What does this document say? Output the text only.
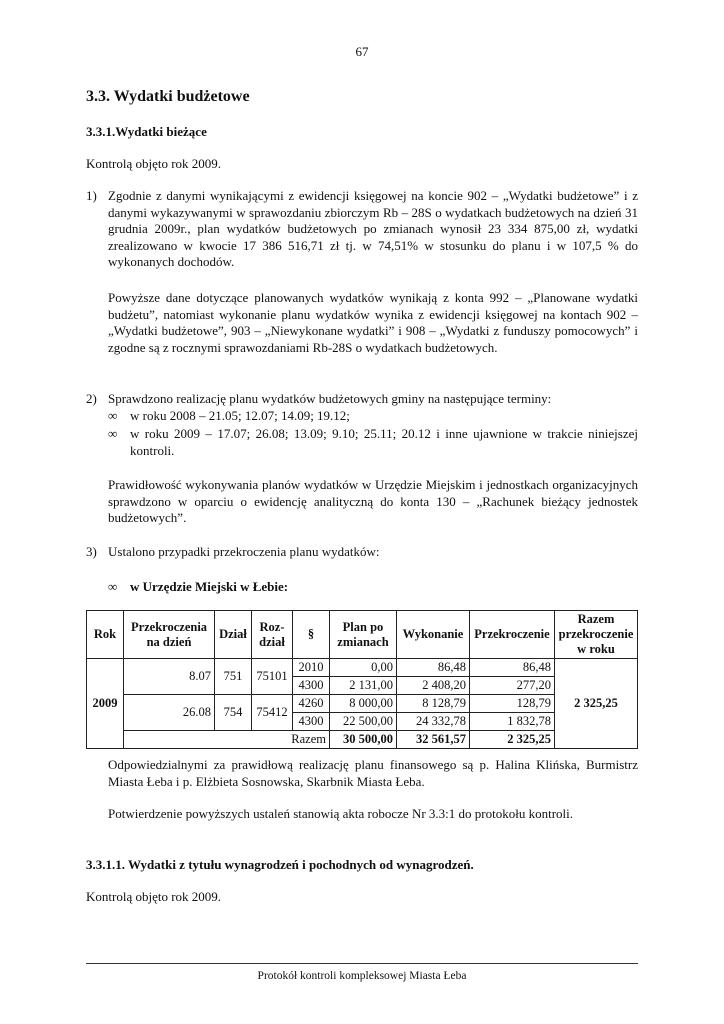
67
3.3. Wydatki budżetowe
3.3.1.Wydatki bieżące
Kontrolą objęto rok 2009.
1) Zgodnie z danymi wynikającymi z ewidencji księgowej na koncie 902 – „Wydatki budżetowe” i z danymi wykazywanymi w sprawozdaniu zbiorczym Rb – 28S o wydatkach budżetowych na dzień 31 grudnia 2009r., plan wydatków budżetowych po zmianach wynosił 23 334 875,00 zł, wydatki zrealizowano w kwocie 17 386 516,71 zł tj. w 74,51% w stosunku do planu i w 107,5 % do wykonanych dochodów.
Powyższe dane dotyczące planowanych wydatków wynikają z konta 992 – „Planowane wydatki budżetu”, natomiast wykonanie planu wydatków wynika z ewidencji księgowej na kontach 902 – „Wydatki budżetowe”, 903 – „Niewykonane wydatki” i 908 – „Wydatki z funduszy pomocowych” i zgodne są z rocznymi sprawozdaniami Rb-28S o wydatkach budżetowych.
2) Sprawdzono realizację planu wydatków budżetowych gminy na następujące terminy:
∞ w roku 2008 – 21.05; 12.07; 14.09; 19.12;
∞ w roku 2009 – 17.07; 26.08; 13.09; 9.10; 25.11; 20.12 i inne ujawnione w trakcie niniejszej kontroli.
Prawidłowość wykonywania planów wydatków w Urzędzie Miejskim i jednostkach organizacyjnych sprawdzono w oparciu o ewidencję analityczną do konta 130 – „Rachunek bieżący jednostek budżetowych”.
3) Ustalono przypadki przekroczenia planu wydatków:
∞ w Urzędzie Miejski w Łebie:
Rok	Przekroczenia na dzień	Dział	Roz-dział	§	Plan po zmianach	Wykonanie	Przekroczenie	Razem przekroczenie w roku
2009	8.07	751	75101	2010	0,00	86,48	86,48	2 325,25
				4300	2 131,00	2 408,20	277,20	
	26.08	754	75412	4260	8 000,00	8 128,79	128,79	
				4300	22 500,00	24 332,78	1 832,78	
	Razem				30 500,00	32 561,57	2 325,25	
Odpowiedzialnymi za prawidłową realizację planu finansowego są p. Halina Klińska, Burmistrz Miasta Łeba i p. Elżbieta Sosnowska, Skarbnik Miasta Łeba.
Potwierdzenie powyższych ustaleń stanowią akta robocze Nr 3.3:1 do protokołu kontroli.
3.3.1.1. Wydatki z tytułu wynagrodzeń i pochodnych od wynagrodzeń.
Kontrolą objęto rok 2009.
Protokół kontroli kompleksowej Miasta Łeba
